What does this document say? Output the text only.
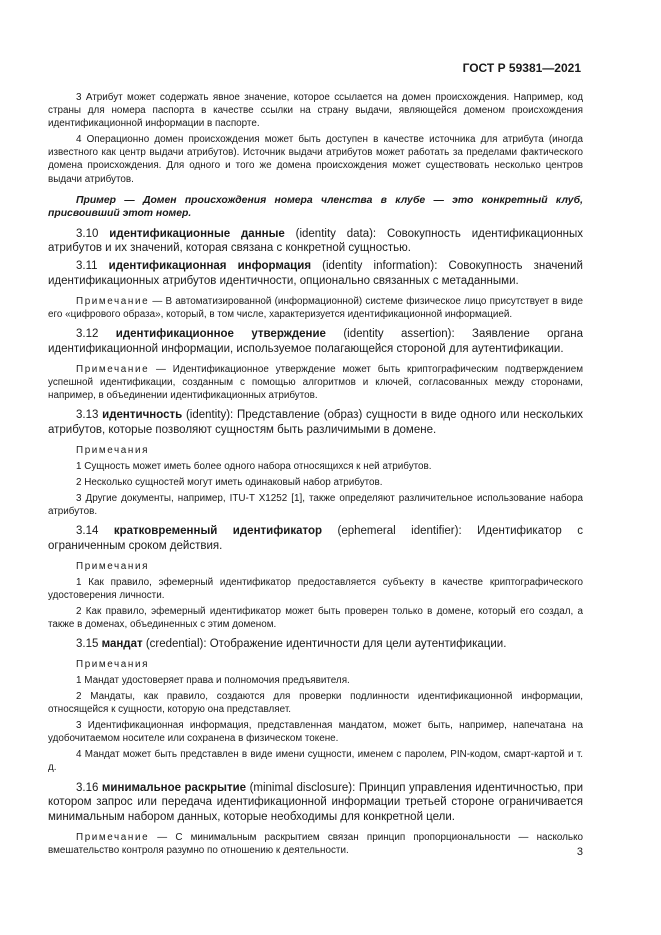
ГОСТ Р 59381—2021

3 Атрибут может содержать явное значение, которое ссылается на домен происхождения. Например, код страны для номера паспорта в качестве ссылки на страну выдачи, являющейся доменом происхождения идентификационной информации в паспорте.

4 Операционно домен происхождения может быть доступен в качестве источника для атрибута (иногда известного как центр выдачи атрибутов). Источник выдачи атрибутов может работать за пределами фактического домена происхождения. Для одного и того же домена происхождения может существовать несколько центров выдачи атрибутов.

Пример — Домен происхождения номера членства в клубе — это конкретный клуб, присвоивший этот номер.

3.10 идентификационные данные (identity data): Совокупность идентификационных атрибутов и их значений, которая связана с конкретной сущностью.

3.11 идентификационная информация (identity information): Совокупность значений идентификационных атрибутов идентичности, опционально связанных с метаданными.

Примечание — В автоматизированной (информационной) системе физическое лицо присутствует в виде его «цифрового образа», который, в том числе, характеризуется идентификационной информацией.

3.12 идентификационное утверждение (identity assertion): Заявление органа идентификационной информации, используемое полагающейся стороной для аутентификации.

Примечание — Идентификационное утверждение может быть криптографическим подтверждением успешной идентификации, созданным с помощью алгоритмов и ключей, согласованных между сторонами, например, в объединении идентификационных атрибутов.

3.13 идентичность (identity): Представление (образ) сущности в виде одного или нескольких атрибутов, которые позволяют сущностям быть различимыми в домене.

Примечания

1 Сущность может иметь более одного набора относящихся к ней атрибутов.

2 Несколько сущностей могут иметь одинаковый набор атрибутов.

3 Другие документы, например, ITU-T X1252 [1], также определяют различительное использование набора атрибутов.

3.14 кратковременный идентификатор (ephemeral identifier): Идентификатор с ограниченным сроком действия.

Примечания

1 Как правило, эфемерный идентификатор предоставляется субъекту в качестве криптографического удостоверения личности.

2 Как правило, эфемерный идентификатор может быть проверен только в домене, который его создал, а также в доменах, объединенных с этим доменом.

3.15 мандат (credential): Отображение идентичности для цели аутентификации.

Примечания

1 Мандат удостоверяет права и полномочия предъявителя.

2 Мандаты, как правило, создаются для проверки подлинности идентификационной информации, относящейся к сущности, которую она представляет.

3 Идентификационная информация, представленная мандатом, может быть, например, напечатана на удобочитаемом носителе или сохранена в физическом токене.

4 Мандат может быть представлен в виде имени сущности, именем с паролем, PIN-кодом, смарт-картой и т. д.

3.16 минимальное раскрытие (minimal disclosure): Принцип управления идентичностью, при котором запрос или передача идентификационной информации третьей стороне ограничивается минимальным набором данных, которые необходимы для конкретной цели.

Примечание — С минимальным раскрытием связан принцип пропорциональности — насколько вмешательство контроля разумно по отношению к деятельности.	3
